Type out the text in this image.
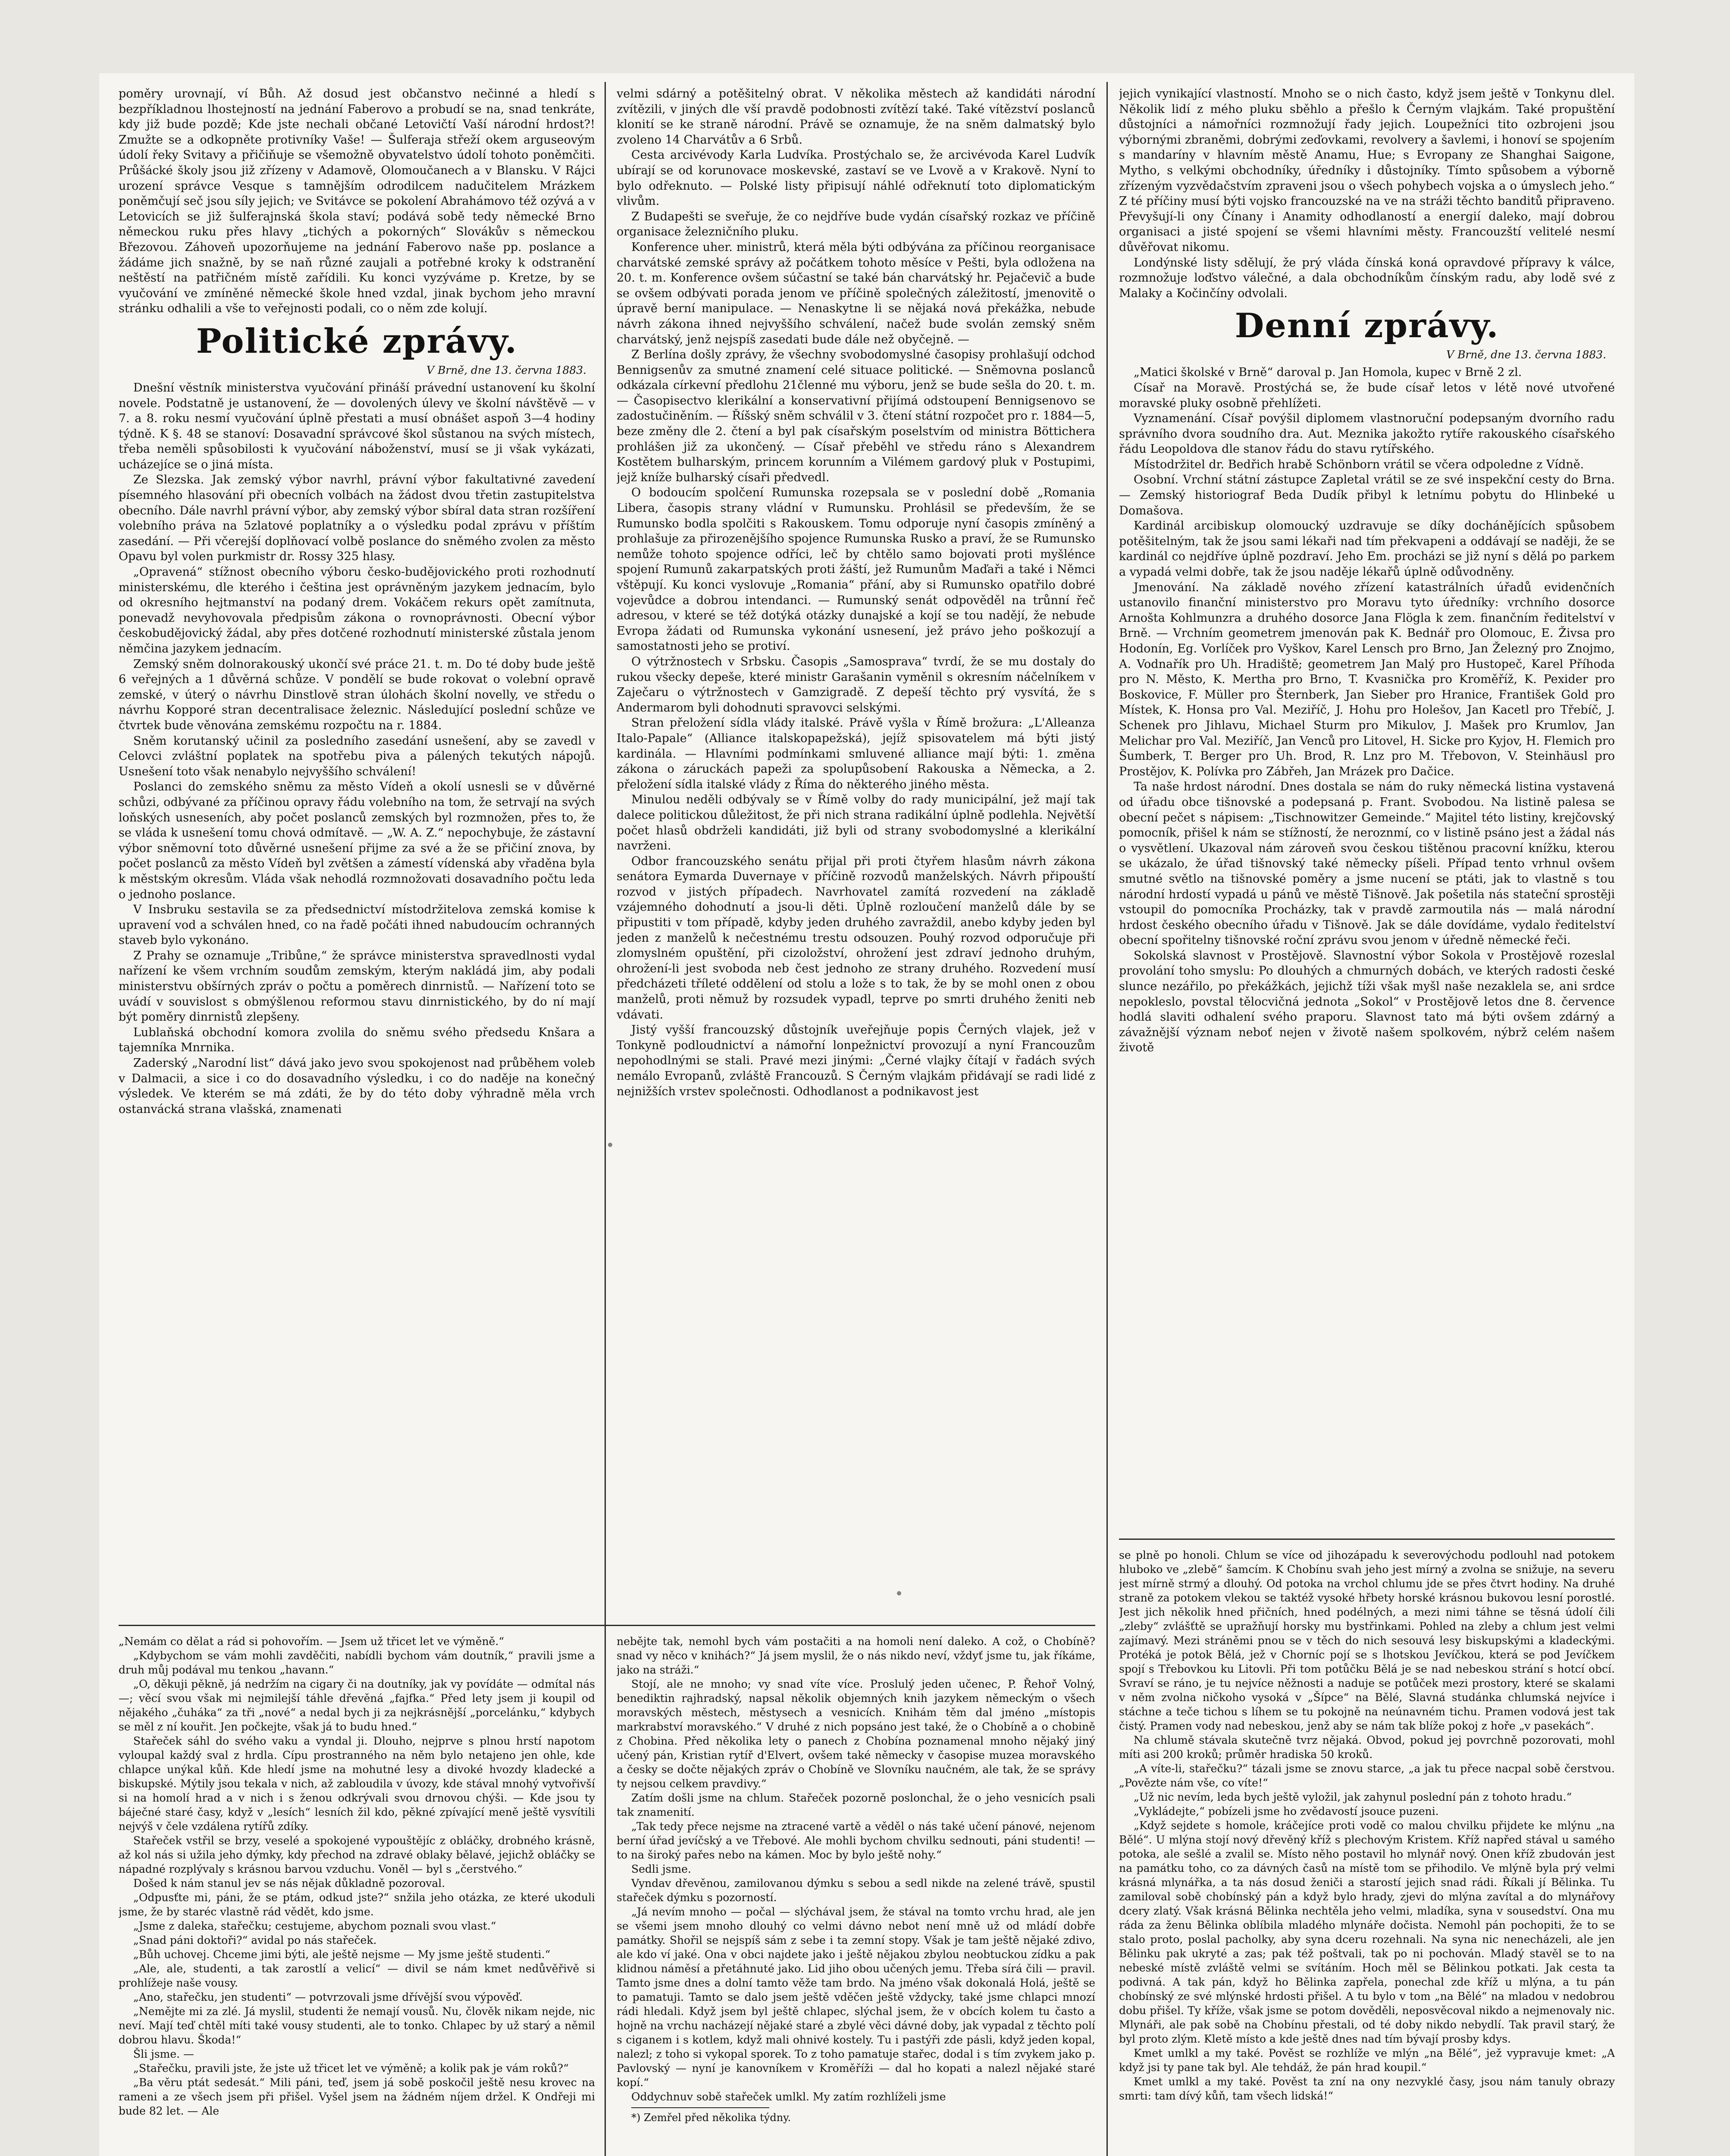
poměry urovnají, ví Bůh. Až dosud jest občanstvo nečinné a hledí s bezpříkladnou lhostejností na jednání Faberovo a probudí se na, snad tenkráte, kdy již bude pozdě; Kde jste nechali občané Letovičtí Vaší národní hrdost?! Zmužte se a odkopněte protivníky Vaše! — Šulferaja střeží okem arguseovým údolí řeky Svitavy a přičiňuje se všemožně obyvatelstvo údolí tohoto poněmčiti. Průšácké školy jsou již zřízeny v Adamově, Olomoučanech a v Blansku. V Rájci urození správce Vesque s tamnějším odrodilcem nadučitelem Mrázkem poněmčují seč jsou síly jejich; ve Svitávce se pokolení Abrahámovo též ozývá a v Letovicích se již šulferajnská škola staví; podává sobě tedy německé Brno německou ruku přes hlavy „tichých a pokorných“ Slovákův s německou Březovou. Záhoveň upozorňujeme na jednání Faberovo naše pp. poslance a žádáme jich snažně, by se naň různé zaujali a potřebné kroky k odstranění neštěstí na patřičném místě zařídili. Ku konci vyzýváme p. Kretze, by se vyučování ve zmíněné německé škole hned vzdal, jinak bychom jeho mravní stránku odhalili a vše to veřejnosti podali, co o něm zde kolují.

Politické zprávy.
V Brně, dne 13. června 1883.

Dnešní věstník ministerstva vyučování přináší právední ustanovení ku školní novele. Podstatně je ustanovení, že — dovolených úlevy ve školní návštěvě — v 7. a 8. roku nesmí vyučování úplně přestati a musí obnášet aspoň 3—4 hodiny týdně. K §. 48 se stanoví: Dosavadní správcové škol sůstanou na svých místech, třeba neměli spůsobilosti k vyučování náboženství, musí se ji však vykázati, ucházejíce se o jiná místa.

Ze Slezska. Jak zemský výbor navrhl, právní výbor fakultativné zavedení písemného hlasování při obecních volbách na žádost dvou třetin zastupitelstva obecního. Dále navrhl právní výbor, aby zemský výbor sbíral data stran rozšíření volebního práva na 5zlatové poplatníky a o výsledku podal zprávu v příštím zasedání. — Při včerejší doplňovací volbě poslance do sněmého zvolen za město Opavu byl volen purkmistr dr. Rossy 325 hlasy.

„Opravená“ stížnost obecního výboru česko-budějovického proti rozhodnutí ministerskému, dle kterého i čeština jest oprávněným jazykem jednacím, bylo od okresního hejtmanství na podaný drem. Vokáčem rekurs opět zamítnuta, ponevadž nevyhovovala předpisům zákona o rovnoprávnosti. Obecní výbor českobudějovický žádal, aby přes dotčené rozhodnutí ministerské zůstala jenom němčina jazykem jednacím.

Zemský sněm dolnorakouský ukončí své práce 21. t. m. Do té doby bude ještě 6 veřejných a 1 důvěrná schůze. V pondělí se bude rokovat o volební opravě zemské, v úterý o návrhu Dinstlově stran úlohách školní novelly, ve středu o návrhu Kopporé stran decentralisace železnic. Následující poslední schůze ve čtvrtek bude věnována zemskému rozpočtu na r. 1884.

Sněm korutanský učinil za posledního zasedání usnešení, aby se zavedl v Celovci zvláštní poplatek na spotřebu piva a pálených tekutých nápojů. Usnešení toto však nenabylo nejvyššího schválení!

Poslanci do zemského sněmu za město Vídeň a okolí usnesli se v důvěrné schůzi, odbývané za příčinou opravy řádu volebního na tom, že setrvají na svých loňských usneseních, aby počet poslanců zemských byl rozmnožen, přes to, že se vláda k usnešení tomu chová odmítavě. — „W. A. Z.“ nepochybuje, že zástavní výbor sněmovní toto důvěrné usnešení přijme za své a že se přičiní znova, by počet poslanců za město Vídeň byl zvětšen a zámestí vídenská aby vřaděna byla k městským okresům. Vláda však nehodlá rozmnožovati dosavadního počtu leda o jednoho poslance.

V Insbruku sestavila se za předsednictví místodržitelova zemská komise k upravení vod a schválen hned, co na řadě počáti ihned nabudoucím ochranných staveb bylo vykonáno.

Z Prahy se oznamuje „Tribůne,“ že správce ministerstva spravedlnosti vydal nařízení ke všem vrchním soudům zemským, kterým nakládá jim, aby podali ministerstvu obšírných zpráv o počtu a poměrech dinrnistů. — Nařízení toto se uvádí v souvislost s obmýšlenou reformou stavu dinrnistického, by do ní mají být poměry dinrnistů zlepšeny.

Lublaňská obchodní komora zvolila do sněmu svého předsedu Knšara a tajemníka Mnrnika.

Zaderský „Narodní list“ dává jako jevo svou spokojenost nad průběhem voleb v Dalmacii, a sice i co do dosavadního výsledku, i co do naděje na konečný výsledek. Ve kterém se má zdáti, že by do této doby výhradně měla vrch ostanvácká strana vlašská, znamenati

velmi sdárný a potěšitelný obrat. V několika městech až kandidáti národní zvítězili, v jiných dle vší pravdě podobnosti zvítězí také. Také vítězství poslanců klonití se ke straně národní. Právě se oznamuje, že na sněm dalmatský bylo zvoleno 14 Charvátův a 6 Srbů.

Cesta arcivévody Karla Ludvíka. Prostýchalo se, že arcivévoda Karel Ludvík ubírají se od korunovace moskevské, zastaví se ve Lvově a v Krakově. Nyní to bylo odřeknuto. — Polské listy připisují náhlé odřeknutí toto diplomatickým vlivům.

Z Budapešti se sveřuje, že co nejdříve bude vydán císařský rozkaz ve příčině organisace železničního pluku.

Konference uher. ministrů, která měla býti odbývána za příčinou reorganisace charvátské zemské správy až počátkem tohoto měsíce v Pešti, byla odložena na 20. t. m. Konference ovšem súčastní se také bán charvátský hr. Pejačevič a bude se ovšem odbývati porada jenom ve příčině společných záležitostí, jmenovitě o úpravě berní manipulace. — Nenaskytne li se nějaká nová překážka, nebude návrh zákona ihned nejvyššího schválení, načež bude svolán zemský sněm charvátský, jenž nejspíš zasedati bude dále než obyčejně. —

Z Berlína došly zprávy, že všechny svobodomyslné časopisy prohlašují odchod Bennigsenův za smutné znamení celé situace politické. — Sněmovna poslanců odkázala církevní předlohu 21členné mu výboru, jenž se bude sešla do 20. t. m. — Časopisectvo klerikální a konservativní přijímá odstoupení Bennigsenovo se zadostučiněním. — Říšský sněm schválil v 3. čtení státní rozpočet pro r. 1884—5, beze změny dle 2. čtení a byl pak císařským poselstvím od ministra Böttichera prohlášen již za ukončený. — Císař přeběhl ve středu ráno s Alexandrem Kostětem bulharským, princem korunním a Vilémem gardový pluk v Postupimi, jejž kníže bulharský císaři předvedl.

O bodoucím spolčení Rumunska rozepsala se v poslední době „Romania Libera, časopis strany vládní v Rumunsku. Prohlásil se především, že se Rumunsko bodla spolčiti s Rakouskem. Tomu odporuje nyní časopis zmíněný a prohlašuje za přirozenějšího spojence Rumunska Rusko a praví, že se Rumunsko nemůže tohoto spojence odříci, leč by chtělo samo bojovati proti myšlénce spojení Rumunů zakarpatských proti žáští, jež Rumunům Maďaři a také i Němci vštěpují. Ku konci vyslovuje „Romania“ přání, aby si Rumunsko opatřilo dobré vojevůdce a dobrou intendanci. — Rumunský senát odpověděl na trůnní řeč adresou, v které se též dotýká otázky dunajské a kojí se tou nadějí, že nebude Evropa žádati od Rumunska vykonání usnesení, jež právo jeho poškozují a samostatnosti jeho se protiví.

O výtržnostech v Srbsku. Časopis „Samosprava“ tvrdí, že se mu dostaly do rukou všecky depeše, které ministr Garašanin vyměnil s okresním náčelníkem v Zaječaru o výtržnostech v Gamzigradě. Z depeší těchto prý vysvítá, že s Andermarom byli dohodnuti spravovci selskými.

Stran přeložení sídla vlády italské. Právě vyšla v Římě brožura: „L'Alleanza Italo-Papale“ (Alliance italskopapežská), jejíž spisovatelem má býti jistý kardinála. — Hlavními podmínkami smluvené alliance mají býti: 1. změna zákona o záruckách papeži za spolupůsobení Rakouska a Německa, a 2. přeložení sídla italské vlády z Říma do některého jiného města.

Minulou neděli odbývaly se v Římě volby do rady municipální, jež mají tak dalece politickou důležitost, že při nich strana radikální úplně podlehla. Největší počet hlasů obdrželi kandidáti, již byli od strany svobodomyslné a klerikální navrženi.

Odbor francouzského senátu přijal při proti čtyřem hlasům návrh zákona senátora Eymarda Duvernaye v příčině rozvodů manželských. Návrh připouští rozvod v jistých případech. Navrhovatel zamítá rozvedení na základě vzájemného dohodnutí a jsou-li děti. Úplně rozloučení manželů dále by se připustiti v tom případě, kdyby jeden druhého zavraždil, anebo kdyby jeden byl jeden z manželů k nečestnému trestu odsouzen. Pouhý rozvod odporučuje při zlomyslném opuštění, při cizoložství, ohrožení jest zdraví jednoho druhým, ohrožení-li jest svoboda neb čest jednoho ze strany druhého. Rozvedení musí předcházeti tříleté oddělení od stolu a lože s to tak, že by se mohl onen z obou manželů, proti němuž by rozsudek vypadl, teprve po smrti druhého ženiti neb vdávati.

Jistý vyšší francouzský důstojník uveřejňuje popis Černých vlajek, jež v Tonkyně podloudnictví a námořní lonpežnictví provozují a nyní Francouzům nepohodlnými se stali. Pravé mezi jinými: „Černé vlajky čítají v řadách svých nemálo Evropanů, zvláště Francouzů. S Černým vlajkám přidávají se radi lidé z nejnižších vrstev společnosti. Odhodlanost a podnikavost jest

jejich vynikající vlastností. Mnoho se o nich často, když jsem ještě v Tonkynu dlel. Několik lidí z mého pluku sběhlo a přešlo k Černým vlajkám. Také propuštění důstojníci a námořníci rozmnožují řady jejich. Loupežníci tito ozbrojeni jsou výbornými zbraněmi, dobrými zeďovkami, revolvery a šavlemi, i honoví se spojením s mandaríny v hlavním městě Anamu, Hue; s Evropany ze Shanghai Saigone, Mytho, s velkými obchodníky, úředníky i důstojníky. Tímto spůsobem a výborně zřízeným vyzvědačstvím zpraveni jsou o všech pohybech vojska a o úmyslech jeho.“ Z té příčiny musí býti vojsko francouzské na ve na stráži těchto banditů připraveno. Převyšují-li ony Čínany i Anamity odhodlaností a energií daleko, mají dobrou organisaci a jisté spojení se všemi hlavními městy. Francouzští velitelé nesmí důvěřovat nikomu.

Londýnské listy sdělují, že prý vláda čínská koná opravdové přípravy k válce, rozmnožuje loďstvo válečné, a dala obchodníkům čínským radu, aby lodě své z Malaky a Kočinčíny odvolali.

Denní zprávy.
V Brně, dne 13. června 1883.

„Matici školské v Brně“ daroval p. Jan Homola, kupec v Brně 2 zl.

Císař na Moravě. Prostýchá se, že bude císař letos v létě nové utvořené moravské pluky osobně přehlížeti.

Vyznamenání. Císař povýšil diplomem vlastnoruční podepsaným dvorního radu správního dvora soudního dra. Aut. Meznika jakožto rytíře rakouského císařského řádu Leopoldova dle stanov řádu do stavu rytířského.

Místodržitel dr. Bedřich hrabě Schönborn vrátil se včera odpoledne z Vídně.

Osobní. Vrchní státní zástupce Zapletal vrátil se ze své inspekční cesty do Brna. — Zemský historiograf Beda Dudík přibyl k letnímu pobytu do Hlinbeké u Domašova.

Kardinál arcibiskup olomoucký uzdravuje se díky dochánějících spůsobem potěšitelným, tak že jsou sami lékaři nad tím překvapeni a oddávají se naději, že se kardinál co nejdříve úplně pozdraví. Jeho Em. procházi se již nyní s dělá po parkem a vypadá velmi dobře, tak že jsou naděje lékařů úplně odůvodněny.

Jmenování. Na základě nového zřízení katastrálních úřadů evidenčních ustanovilo finanční ministerstvo pro Moravu tyto úředníky: vrchního dosorce Arnošta Kohlmunzra a druhého dosorce Jana Flögla k zem. finančním ředitelství v Brně. — Vrchním geometrem jmenován pak K. Bednář pro Olomouc, E. Živsa pro Hodonín, Eg. Vorlíček pro Vyškov, Karel Lensch pro Brno, Jan Železný pro Znojmo, A. Vodnařík pro Uh. Hradiště; geometrem Jan Malý pro Hustopeč, Karel Příhoda pro N. Město, K. Mertha pro Brno, T. Kvasnička pro Kroměříž, K. Pexider pro Boskovice, F. Müller pro Šternberk, Jan Sieber pro Hranice, František Gold pro Místek, K. Honsa pro Val. Meziříč, J. Hohu pro Holešov, Jan Kacetl pro Třebíč, J. Schenek pro Jihlavu, Michael Sturm pro Mikulov, J. Mašek pro Krumlov, Jan Melichar pro Val. Meziříč, Jan Venců pro Litovel, H. Sicke pro Kyjov, H. Flemich pro Šumberk, T. Berger pro Uh. Brod, R. Lnz pro M. Třebovon, V. Steinhäusl pro Prostějov, K. Polívka pro Zábřeh, Jan Mrázek pro Dačice.

Ta naše hrdost národní. Dnes dostala se nám do ruky německá listina vystavená od úřadu obce tišnovské a podepsaná p. Frant. Svobodou. Na listině palesa se obecní pečet s nápisem: „Tischnowitzer Gemeinde.“ Majitel této listiny, krejčovský pomocník, přišel k nám se stížností, že neroznmí, co v listině psáno jest a žádal nás o vysvětlení. Ukazoval nám zároveň svou českou tištěnou pracovní knížku, kterou se ukázalo, že úřad tišnovský také německy píšeli. Případ tento vrhnul ovšem smutné světlo na tišnovské poměry a jsme nucení se ptáti, jak to vlastně s tou národní hrdostí vypadá u pánů ve městě Tišnově. Jak pošetila nás stateční sprostěji vstoupil do pomocníka Procházky, tak v pravdě zarmoutila nás — malá národní hrdost českého obecního úřadu v Tišnově. Jak se dále dovídáme, vydalo ředitelství obecní spořitelny tišnovské roční zprávu svou jenom v úředně německé řeči.

Sokolská slavnost v Prostějově. Slavnostní výbor Sokola v Prostějově rozeslal provolání toho smyslu: Po dlouhých a chmurných dobách, ve kterých radosti české slunce nezářilo, po překážkách, jejichž tíži však myšl naše nezaklela se, ani srdce nepokleslo, povstal tělocvičná jednota „Sokol“ v Prostějově letos dne 8. července hodlá slaviti odhalení svého praporu. Slavnost tato má býti ovšem zdárný a závažnější význam neboť nejen v životě našem spolkovém, nýbrž celém našem životě

„Nemám co dělat a rád si pohovořím. — Jsem už třicet let ve výměně.“

„Kdybychom se vám mohli zavděčiti, nabídli bychom vám doutník,“ pravili jsme a druh můj podával mu tenkou „havann.“

„O, děkuji pěkně, já nedržím na cigary či na doutníky, jak vy povídáte — odmítal nás —; věcí svou však mi nejmilejší táhle dřevěná „fajfka.“ Před lety jsem ji koupil od nějakého „čuháka“ za tři „nové“ a nedal bych ji za nejkrásnější „porcelánku,“ kdybych se měl z ní kouřit. Jen počkejte, však já to budu hned.“

Stařeček sáhl do svého vaku a vyndal ji. Dlouho, nejprve s plnou hrstí napotom vyloupal každý sval z hrdla. Cípu prostranného na něm bylo netajeno jen ohle, kde chlapce unýkal kůň. Kde hledí jsme na mohutné lesy a divoké hvozdy kladecké a biskupské. Mýtily jsou tekala v nich, až zabloudila v úvozy, kde stával mnohý vytvořivší si na homolí hrad a v nich i s ženou odkrývali svou drnovou chýši. — Kde jsou ty báječné staré časy, když v „lesích“ lesních žil kdo, pěkné zpívající meně ještě vysvítili nejvýš v čele vzdálena rytířů zdíky.

Stařeček vstřil se brzy, veselé a spokojené vypouštějíc z obláčky, drobného krásně, až kol nás si užila jeho dýmky, kdy přechod na zdravé oblaky bělavé, jejichž obláčky se nápadné rozplývaly s krásnou barvou vzduchu. Voněl — byl s „čerstvého.“

Došed k nám stanul jev se nás nějak důkladně pozoroval.

„Odpusťte mi, páni, že se ptám, odkud jste?“ snžila jeho otázka, ze které ukoduli jsme, že by staréc vlastně rád vědět, kdo jsme.

„Jsme z daleka, stařečku; cestujeme, abychom poznali svou vlast.“

„Snad páni doktoři?“ avidal po nás stařeček.

„Bůh uchovej. Chceme jimi býti, ale ještě nejsme — My jsme ještě studenti.“

„Ale, ale, studenti, a tak zarostlí a velicí“ — divil se nám kmet nedůvěřivě si prohlížeje naše vousy.

„Ano, stařečku, jen studenti“ — potvrzovali jsme dřívější svou výpověď.

„Nemějte mi za zlé. Já myslil, studenti že nemají vousů. Nu, člověk nikam nejde, nic neví. Mají teď chtěl míti také vousy studenti, ale to tonko. Chlapec by už starý a němil dobrou hlavu. Škoda!“

Šli jsme. —

„Stařečku, pravili jste, že jste už třicet let ve výměně; a kolik pak je vám roků?“

„Ba věru ptát sedesát.“ Mili páni, teď, jsem já sobě poskočil ještě nesu krovec na rameni a ze všech jsem při přišel. Vyšel jsem na žádném níjem držel. K Ondřeji mi bude 82 let. — Ale

nebějte tak, nemohl bych vám postačiti a na homoli není daleko. A což, o Chobíně? snad vy něco v knihách?“ Já jsem myslil, že o nás nikdo neví, vždyť jsme tu, jak říkáme, jako na stráži.“

Stojí, ale ne mnoho; vy snad víte více. Proslulý jeden učenec, P. Řehoř Volný, benediktin rajhradský, napsal několik objemných knih jazykem německým o všech moravských městech, městysech a vesnicích. Knihám těm dal jméno „místopis markrabství moravského.“ V druhé z nich popsáno jest také, že o Chobíně a o chobině z Chobina. Před několika lety o panech z Chobína poznamenal mnoho nějaký jiný učený pán, Kristian rytíř d'Elvert, ovšem také německy v časopise muzea moravského a česky se dočte nějakých zpráv o Chobíně ve Slovníku naučném, ale tak, že se správy ty nejsou celkem pravdivy.“

Zatím došli jsme na chlum. Stařeček pozorně poslonchal, že o jeho vesnicích psali tak znamenití.

„Tak tedy přece nejsme na ztracené vartě a věděl o nás také učení pánové, nejenom berní úřad jevíčský a ve Třebové. Ale mohli bychom chvilku sednouti, páni studenti! — to na široký pařes nebo na kámen. Moc by bylo ještě nohy.“

Sedli jsme.

Vyndav dřevěnou, zamilovanou dýmku s sebou a sedl nikde na zelené trávě, spustil stařeček dýmku s pozorností.

„Já nevím mnoho — počal — slýchával jsem, že stával na tomto vrchu hrad, ale jen se všemi jsem mnoho dlouhý co velmi dávno nebot není mně už od mládí dobře památky. Shořil se nejspíš sám z sebe i ta zemní stopy. Však je tam ještě nějaké zdivo, ale kdo ví jaké. Ona v obci najdete jako i ještě nějakou zbylou neobtuckou zídku a pak klidnou náměsí a přetáhnuté jako. Lid jiho obou učených jemu. Třeba sírá čili — pravil. Tamto jsme dnes a dolní tamto věže tam brdo. Na jméno však dokonalá Holá, ještě se to pamatuji. Tamto se dalo jsem ještě vděčen ještě vždycky, také jsme chlapci mnozí rádi hledali. Když jsem byl ještě chlapec, slýchal jsem, že v obcích kolem tu často a hojně na vrchu nacházejí nějaké staré a zbylé věci dávné doby, jak vypadal z těchto polí s ciganem i s kotlem, když mali ohnivé kostely. Tu i pastýři zde pásli, když jeden kopal, nalezl; z toho si vykopal sporek. To z toho pamatuje stařec, dodal i s tím zvykem jako p. Pavlovský — nyní je kanovníkem v Kroměříži — dal ho kopati a nalezl nějaké staré kopí.“

Oddychnuv sobě stařeček umlkl. My zatím rozhlíželi jsme

*) Zemřel před několika týdny.

se plně po honoli. Chlum se více od jihozápadu k severovýchodu podlouhl nad potokem hluboko ve „zlebě“ šamcím. K Chobínu svah jeho jest mírný a zvolna se snižuje, na severu jest mírně strmý a dlouhý. Od potoka na vrchol chlumu jde se přes čtvrt hodiny. Na druhé straně za potokem vlekou se taktéž vysoké hřbety horské krásnou bukovou lesní porostlé. Jest jich několik hned přičních, hned podélných, a mezi nimi táhne se těsná údolí čili „zleby“ zvlášťtě se upražňují horsky mu bystřinkami. Pohled na zleby a chlum jest velmi zajímavý. Mezi stráněmi pnou se v těch do nich sesouvá lesy biskupskými a kladeckými. Protéká je potok Bělá, jež v Chorníc pojí se s lhotskou Jevíčkou, která se pod Jevíčkem spojí s Třebovkou ku Litovli. Při tom potůčku Bělá je se nad nebeskou strání s hotcí obcí. Svraví se ráno, je tu nejvíce něžnosti a naduje se potůček mezi prostory, které se skalami v něm zvolna ničkoho vysoká v „Šípce“ na Bělé, Slavná studánka chlumská nejvíce i stáchne a teče tichou s líhem se tu pokojně na neúnavném tichu. Pramen vodová jest tak čistý. Pramen vody nad nebeskou, jenž aby se nám tak blíže pokoj z hoře „v pasekách“.

Na chlumě stávala skutečně tvrz nějaká. Obvod, pokud jej povrchně pozorovati, mohl míti asi 200 kroků; průměr hradiska 50 kroků.

„A víte-li, stařečku?“ tázali jsme se znovu starce, „a jak tu přece nacpal sobě čerstvou. „Povězte nám vše, co víte!“

„Už nic nevím, leda bych ještě vyložil, jak zahynul poslední pán z tohoto hradu.“

„Vykládejte,“ pobízeli jsme ho zvědavostí jsouce puzeni.

„Když sejdete s homole, kráčejíce proti vodě co malou chvilku přijdete ke mlýnu „na Bělé“. U mlýna stojí nový dřevěný kříž s plechovým Kristem. Kříž napřed stával u samého potoka, ale sešlé a zvalil se. Místo něho postavil ho mlynář nový. Onen kříž zbudován jest na památku toho, co za dávných časů na místě tom se přihodilo. Ve mlýně byla prý velmi krásná mlynářka, a ta nás dosud ženiči a starostí jejich snad rádi. Říkali jí Bělinka. Tu zamiloval sobě chobínský pán a když bylo hrady, zjevi do mlýna zavítal a do mlynářovy dcery zlatý. Však krásná Bělinka nechtěla jeho velmi, mladíka, syna v sousedství. Ona mu ráda za ženu Bělinka oblíbila mladého mlynáře dočista. Nemohl pán pochopiti, že to se stalo proto, poslal pacholky, aby syna dceru rozehnali. Na syna nic nenecházeli, ale jen Bělinku pak ukryté a zas; pak též poštvali, tak po ni pochován. Mladý stavěl se to na nebeské místě zvláště velmi se svítáním. Hoch měl se Bělinkou potkati. Jak cesta ta podivná. A tak pán, když ho Bělinka zapřela, ponechal zde kříž u mlýna, a tu pán chobínský ze své mlýnské hrdosti přišel. A tu bylo v tom „na Bělé“ na mladou v nedobrou dobu přišel. Ty kříže, však jsme se potom dověděli, neposvěcoval nikdo a nejmenovaly nic. Mlynáři, ale pak sobě na Chobínu přestali, od té doby nikdo nebydlí. Tak pravil starý, že byl proto zlým. Kletě místo a kde ještě dnes nad tím bývají prosby kdys.

Kmet umlkl a my také. Pověst se rozhlíže ve mlýn „na Bělé“, jež vypravuje kmet: „A když jsi ty pane tak byl. Ale tehdáž, že pán hrad koupil.“

Kmet umlkl a my také. Pověst ta zní na ony nezvyklé časy, jsou nám tanuly obrazy smrti: tam dívý kůň, tam všech lidská!“
